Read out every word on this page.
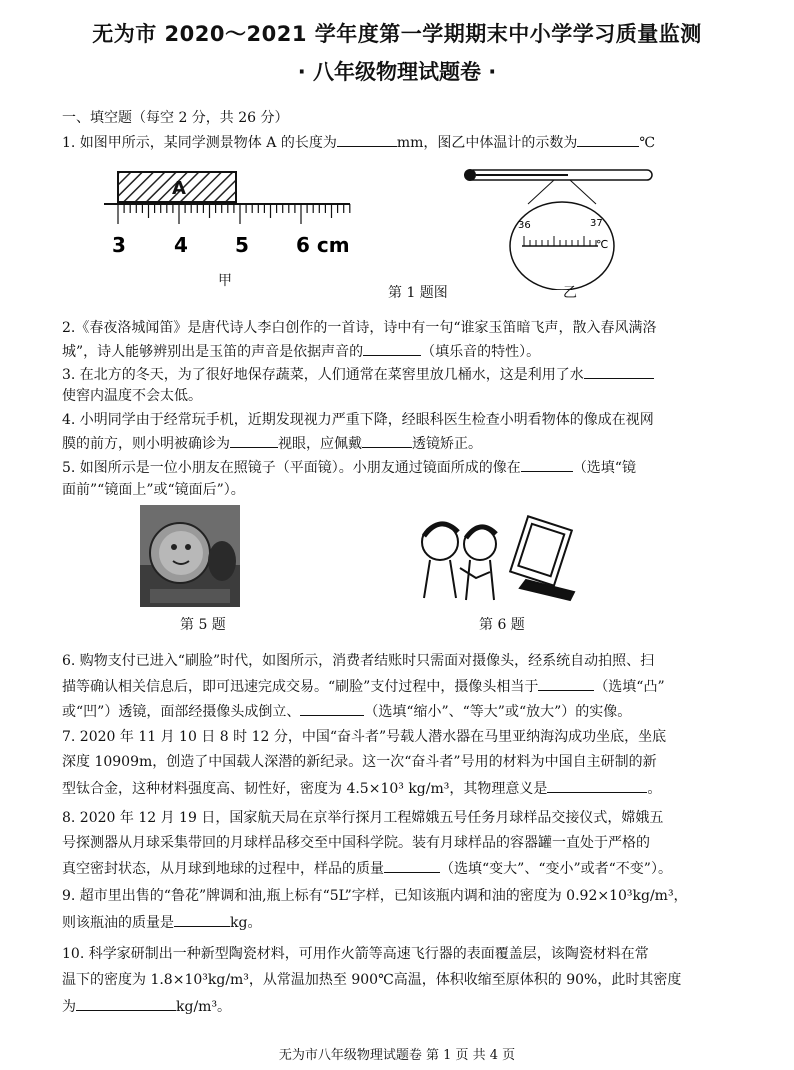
无为市 2020～2021 学年度第一学期期末中小学学习质量监测
· 八年级物理试题卷 ·
一、填空题（每空 2 分，共 26 分）
1. 如图甲所示，某同学测景物体 A 的长度为	mm，图乙中体温计的示数为	℃
A
3 4 5 6 cm
甲
第 1 题图
36	37
℃
乙
2.《春夜洛城闻笛》是唐代诗人李白创作的一首诗，诗中有一句“谁家玉笛暗飞声，散入春风满洛
城”，诗人能够辨别出是玉笛的声音是依据声音的	（填乐音的特性）。
3. 在北方的冬天，为了很好地保存蔬菜，人们通常在菜窖里放几桶水，这是利用了水
使窖内温度不会太低。
4. 小明同学由于经常玩手机，近期发现视力严重下降，经眼科医生检查小明看物体的像成在视网
膜的前方，则小明被确诊为	视眼，应佩戴	透镜矫正。
5. 如图所示是一位小朋友在照镜子（平面镜）。小朋友通过镜面所成的像在	（选填“镜
面前”“镜面上”或“镜面后”）。
第 5 题	第 6 题
6. 购物支付已进入“刷脸”时代，如图所示，消费者结账时只需面对摄像头，经系统自动拍照、扫
描等确认相关信息后，即可迅速完成交易。“刷脸”支付过程中，摄像头相当于	（选填“凸”
或“凹”）透镜，面部经摄像头成倒立、	（选填“缩小”、“等大”或“放大”）的实像。
7. 2020 年 11 月 10 日 8 时 12 分，中国“奋斗者”号载人潜水器在马里亚纳海沟成功坐底，坐底
深度 10909m，创造了中国载人深潜的新纪录。这一次“奋斗者”号用的材料为中国自主研制的新
型钛合金，这种材料强度高、韧性好，密度为 4.5×10³ kg/m³，其物理意义是	。
8. 2020 年 12 月 19 日，国家航天局在京举行探月工程嫦娥五号任务月球样品交接仪式，嫦娥五
号探测器从月球采集带回的月球样品移交至中国科学院。装有月球样品的容器罐一直处于严格的
真空密封状态，从月球到地球的过程中，样品的质量	（选填“变大”、“变小”或者“不变”）。
9. 超市里出售的“鲁花”牌调和油,瓶上标有“5L”字样，已知该瓶内调和油的密度为 0.92×10³kg/m³，
则该瓶油的质量是	kg。
10. 科学家研制出一种新型陶瓷材料，可用作火箭等高速飞行器的表面覆盖层，该陶瓷材料在常
温下的密度为 1.8×10³kg/m³，从常温加热至 900℃高温，体积收缩至原体积的 90%，此时其密度
为	kg/m³。
无为市八年级物理试题卷 第 1 页 共 4 页
